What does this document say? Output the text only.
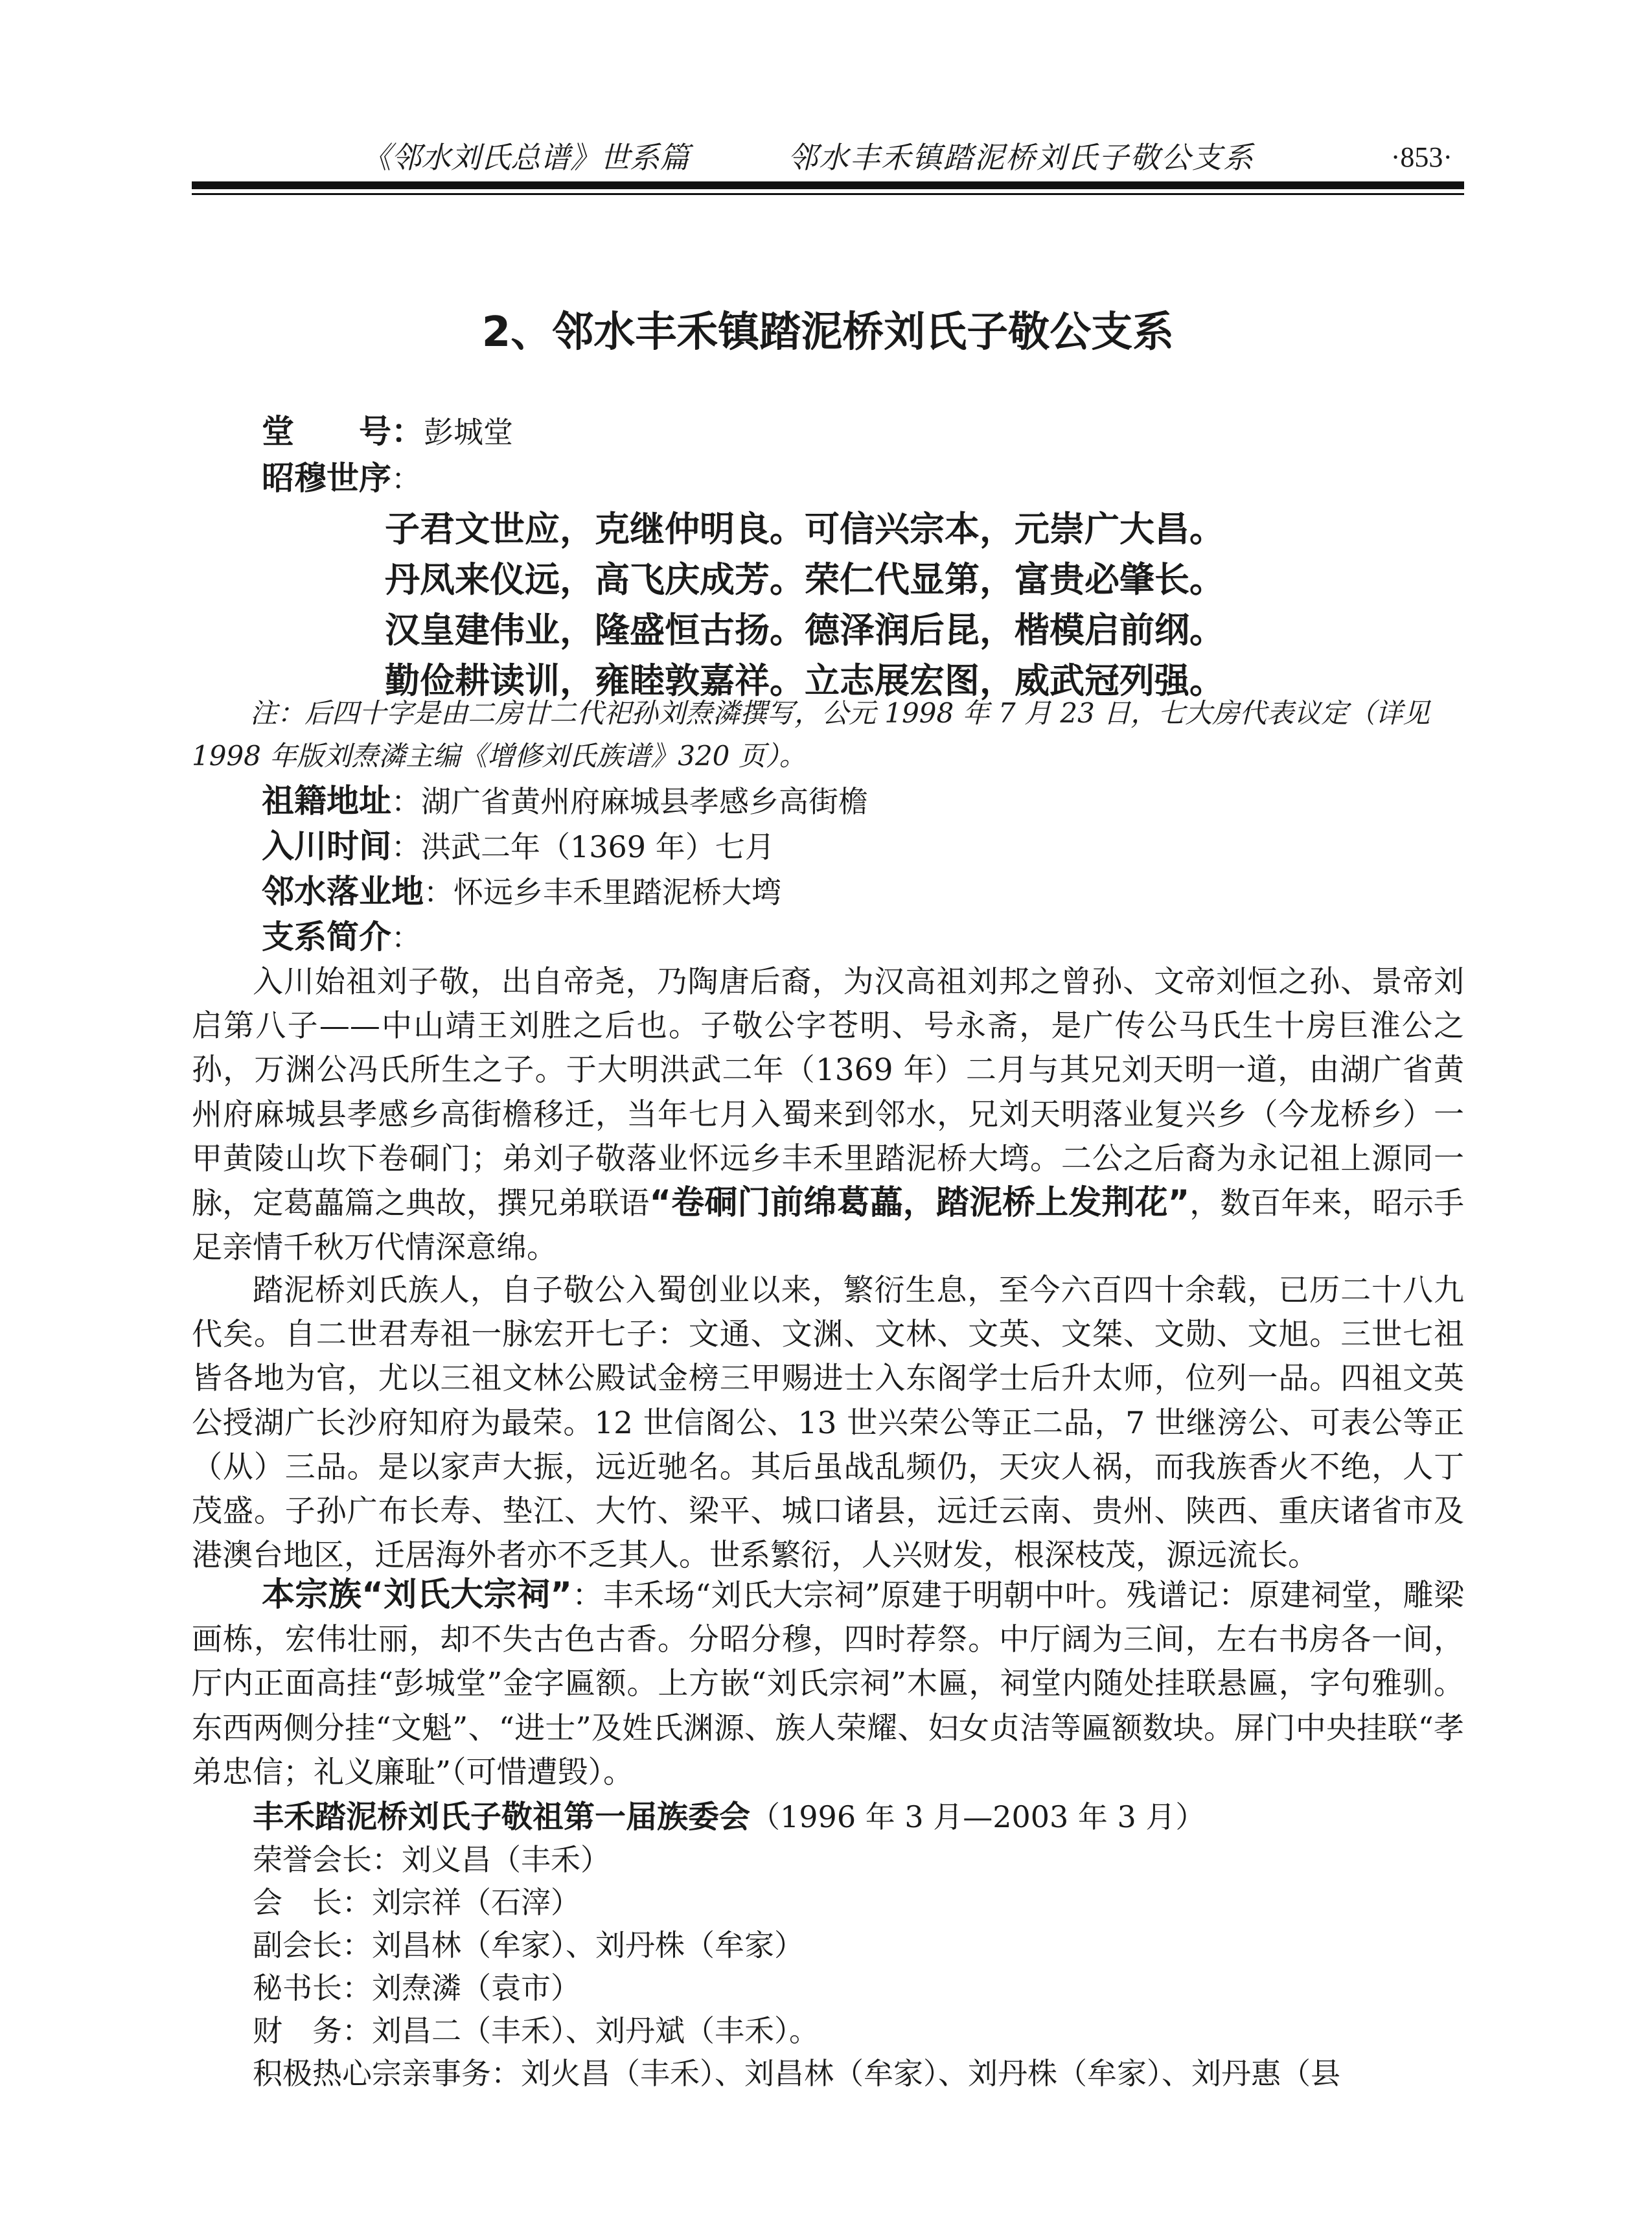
《邻水刘氏总谱》世系篇	邻水丰禾镇踏泥桥刘氏子敬公支系	·853·
2、邻水丰禾镇踏泥桥刘氏子敬公支系
堂　　号：彭城堂
昭穆世序：
子君文世应，克继仲明良。可信兴宗本，元崇广大昌。
丹凤来仪远，高飞庆成芳。荣仁代显第，富贵必肇长。
汉皇建伟业，隆盛恒古扬。德泽润后昆，楷模启前纲。
勤俭耕读训，雍睦敦嘉祥。立志展宏图，威武冠列强。
注：后四十字是由二房廿二代祀孙刘焘潾撰写，公元 1998 年 7 月 23 日，七大房代表议定（详见 1998 年版刘焘潾主编《增修刘氏族谱》320 页）。
祖籍地址：湖广省黄州府麻城县孝感乡高街檐
入川时间：洪武二年（1369 年）七月
邻水落业地：怀远乡丰禾里踏泥桥大塆
支系简介：
入川始祖刘子敬，出自帝尧，乃陶唐后裔，为汉高祖刘邦之曾孙、文帝刘恒之孙、景帝刘启第八子——中山靖王刘胜之后也。子敬公字苍明、号永斋，是广传公马氏生十房巨淮公之孙，万渊公冯氏所生之子。于大明洪武二年（1369 年）二月与其兄刘天明一道，由湖广省黄州府麻城县孝感乡高街檐移迁，当年七月入蜀来到邻水，兄刘天明落业复兴乡（今龙桥乡）一甲黄陵山坎下卷硐门；弟刘子敬落业怀远乡丰禾里踏泥桥大塆。二公之后裔为永记祖上源同一脉，定葛藟篇之典故，撰兄弟联语“卷硐门前绵葛藟，踏泥桥上发荆花”，数百年来，昭示手足亲情千秋万代情深意绵。
踏泥桥刘氏族人，自子敬公入蜀创业以来，繁衍生息，至今六百四十余载，已历二十八九代矣。自二世君寿祖一脉宏开七子：文通、文渊、文林、文英、文桀、文勋、文旭。三世七祖皆各地为官，尤以三祖文林公殿试金榜三甲赐进士入东阁学士后升太师，位列一品。四祖文英公授湖广长沙府知府为最荣。12 世信阁公、13 世兴荣公等正二品，7 世继滂公、可表公等正（从）三品。是以家声大振，远近驰名。其后虽战乱频仍，天灾人祸，而我族香火不绝，人丁茂盛。子孙广布长寿、垫江、大竹、梁平、城口诸县，远迁云南、贵州、陕西、重庆诸省市及港澳台地区，迁居海外者亦不乏其人。世系繁衍，人兴财发，根深枝茂，源远流长。
本宗族“刘氏大宗祠”：丰禾场“刘氏大宗祠”原建于明朝中叶。残谱记：原建祠堂，雕梁画栋，宏伟壮丽，却不失古色古香。分昭分穆，四时荐祭。中厅阔为三间，左右书房各一间，厅内正面高挂“彭城堂”金字匾额。上方嵌“刘氏宗祠”木匾，祠堂内随处挂联悬匾，字句雅驯。东西两侧分挂“文魁”、“进士”及姓氏渊源、族人荣耀、妇女贞洁等匾额数块。屏门中央挂联“孝弟忠信；礼义廉耻”（可惜遭毁）。
丰禾踏泥桥刘氏子敬祖第一届族委会（1996 年 3 月—2003 年 3 月）
荣誉会长：刘义昌（丰禾）
会　长：刘宗祥（石滓）
副会长：刘昌林（牟家）、刘丹株（牟家）
秘书长：刘焘潾（袁市）
财　务：刘昌二（丰禾）、刘丹斌（丰禾）。
积极热心宗亲事务：刘火昌（丰禾）、刘昌林（牟家）、刘丹株（牟家）、刘丹惠（县
